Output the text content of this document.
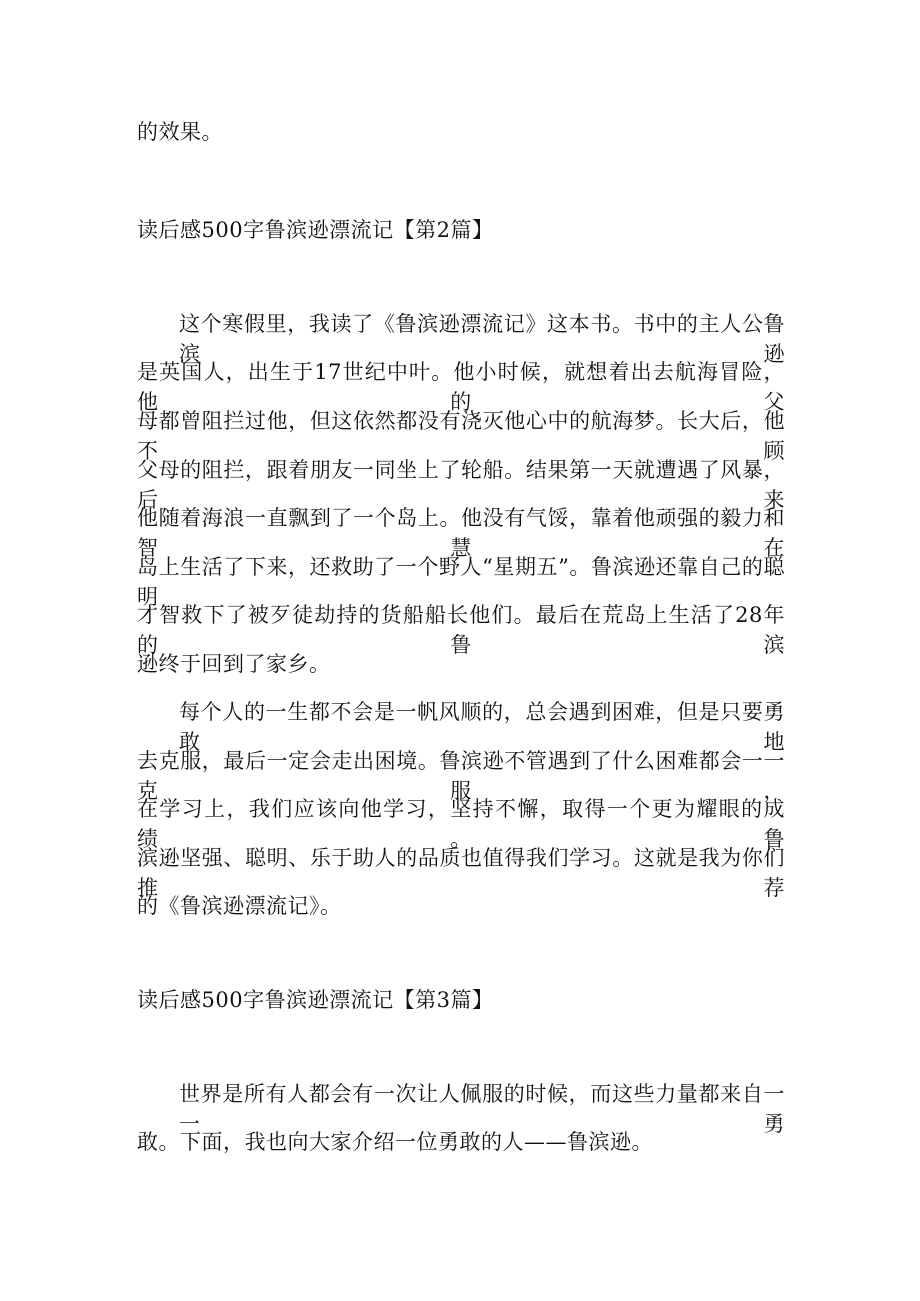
的效果。
读后感500字鲁滨逊漂流记【第2篇】
这个寒假里，我读了《鲁滨逊漂流记》这本书。书中的主人公鲁滨逊
是英国人，出生于17世纪中叶。他小时候，就想着出去航海冒险，他的父
母都曾阻拦过他，但这依然都没有浇灭他心中的航海梦。长大后，他不顾
父母的阻拦，跟着朋友一同坐上了轮船。结果第一天就遭遇了风暴，后来
他随着海浪一直飘到了一个岛上。他没有气馁，靠着他顽强的毅力和智慧在
岛上生活了下来，还救助了一个野人“星期五”。鲁滨逊还靠自己的聪明
才智救下了被歹徒劫持的货船船长他们。最后在荒岛上生活了28年的鲁滨
逊终于回到了家乡。
每个人的一生都不会是一帆风顺的，总会遇到困难，但是只要勇敢地
去克服，最后一定会走出困境。鲁滨逊不管遇到了什么困难都会一一克服，
在学习上，我们应该向他学习，坚持不懈，取得一个更为耀眼的成绩。鲁
滨逊坚强、聪明、乐于助人的品质也值得我们学习。这就是我为你们推荐
的《鲁滨逊漂流记》。
读后感500字鲁滨逊漂流记【第3篇】
世界是所有人都会有一次让人佩服的时候，而这些力量都来自一一勇
敢。下面，我也向大家介绍一位勇敢的人——鲁滨逊。
